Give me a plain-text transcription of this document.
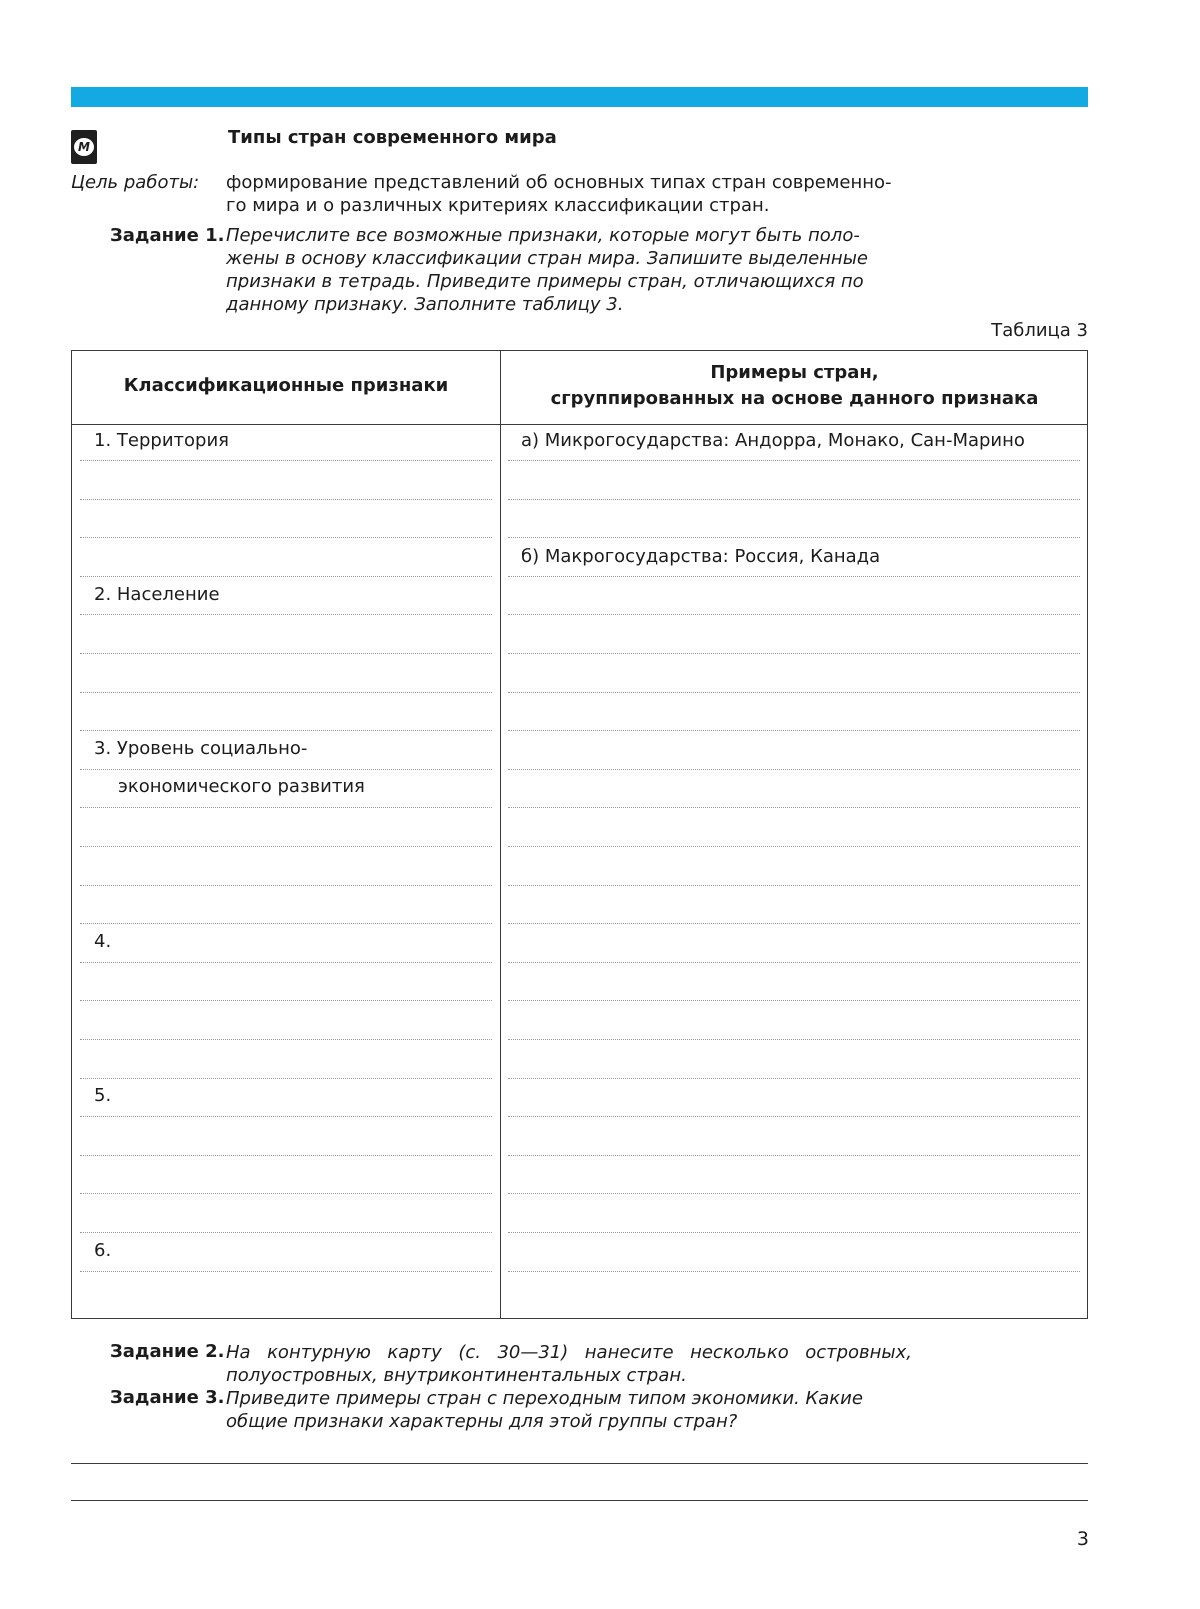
М	Типы стран современного мира
Цель работы: формирование представлений об основных типах стран современно-
го мира и о различных критериях классификации стран.
Задание 1. Перечислите все возможные признаки, которые могут быть поло-
жены в основу классификации стран мира. Запишите выделенные
признаки в тетрадь. Приведите примеры стран, отличающихся по
данному признаку. Заполните таблицу 3.
Таблица 3
Классификационные признаки
Примеры стран,
сгруппированных на основе данного признака
1. Территория
2. Население
3. Уровень социально-
экономического развития
4.
5.
6.
а) Микрогосударства: Андорра, Монако, Сан-Марино
б) Макрогосударства: Россия, Канада
Задание 2. На контурную карту (с. 30—31) нанесите несколько островных,
полуостровных, внутриконтинентальных стран.
Задание 3. Приведите примеры стран с переходным типом экономики. Какие
общие признаки характерны для этой группы стран?
3
